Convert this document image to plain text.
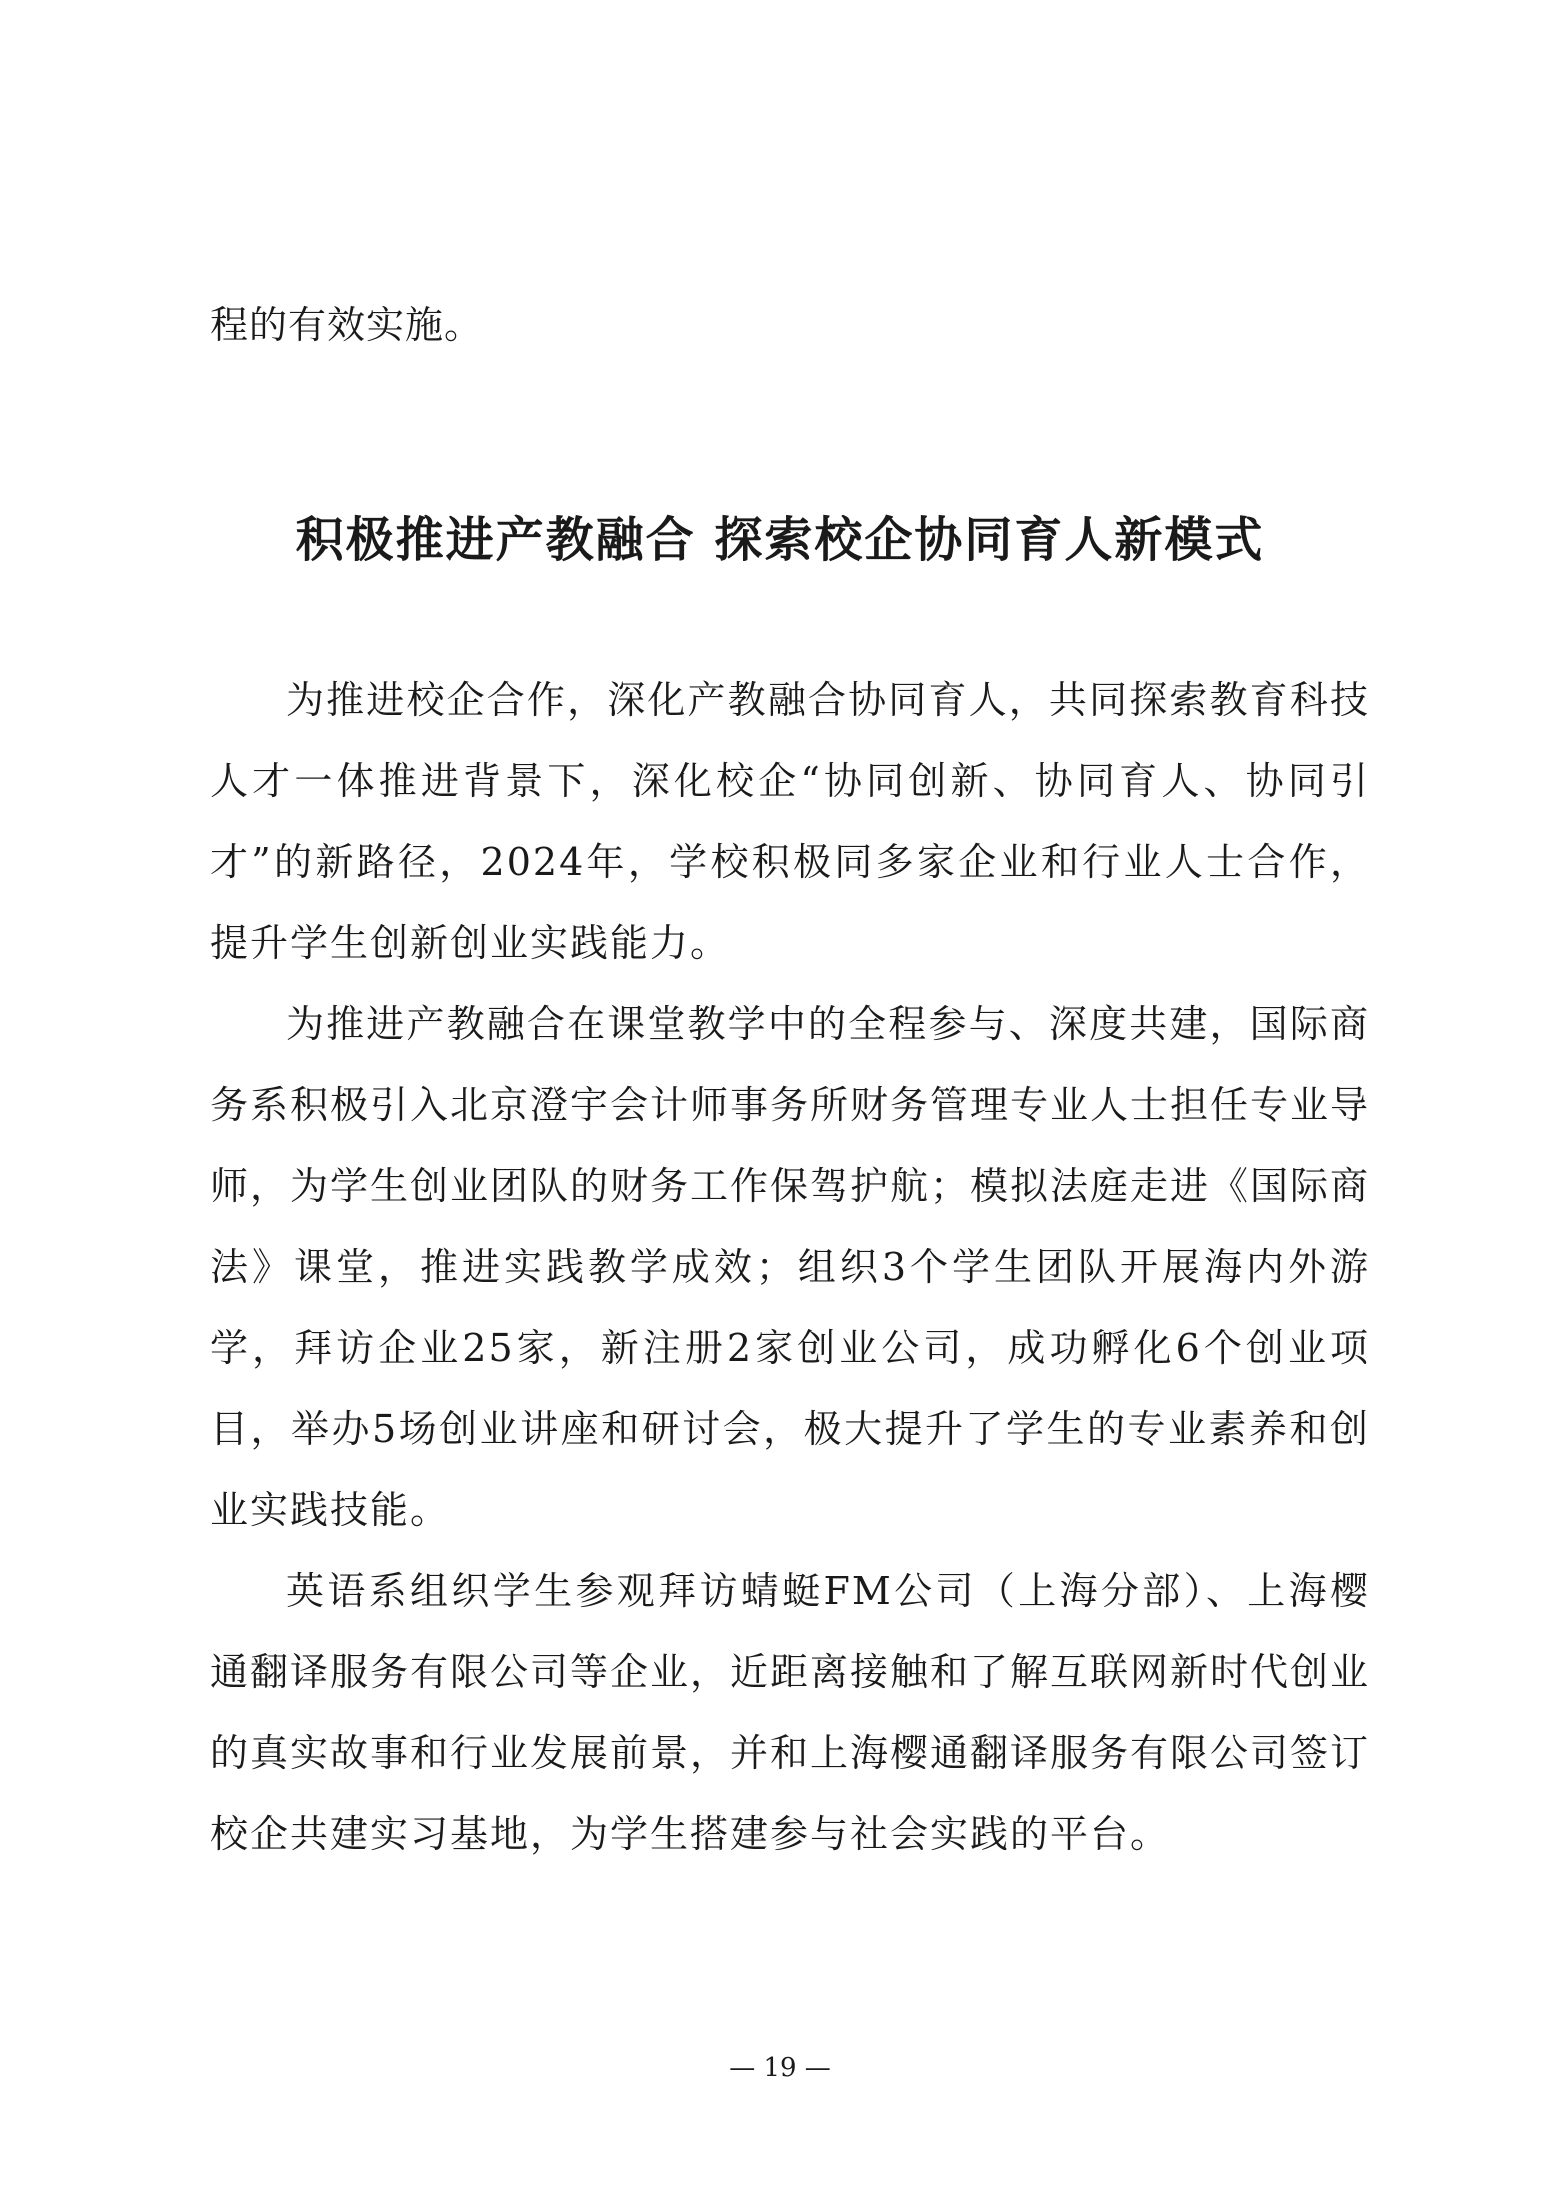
程的有效实施。
积极推进产教融合 探索校企协同育人新模式

为推进校企合作，深化产教融合协同育人，共同探索教育科技人才一体推进背景下，深化校企“协同创新、协同育人、协同引才”的新路径，2024年，学校积极同多家企业和行业人士合作，提升学生创新创业实践能力。

为推进产教融合在课堂教学中的全程参与、深度共建，国际商务系积极引入北京澄宇会计师事务所财务管理专业人士担任专业导师，为学生创业团队的财务工作保驾护航；模拟法庭走进《国际商法》课堂，推进实践教学成效；组织3个学生团队开展海内外游学，拜访企业25家，新注册2家创业公司，成功孵化6个创业项目，举办5场创业讲座和研讨会，极大提升了学生的专业素养和创业实践技能。

英语系组织学生参观拜访蜻蜓FM公司（上海分部）、上海樱通翻译服务有限公司等企业，近距离接触和了解互联网新时代创业的真实故事和行业发展前景，并和上海樱通翻译服务有限公司签订校企共建实习基地，为学生搭建参与社会实践的平台。

— 19 —
